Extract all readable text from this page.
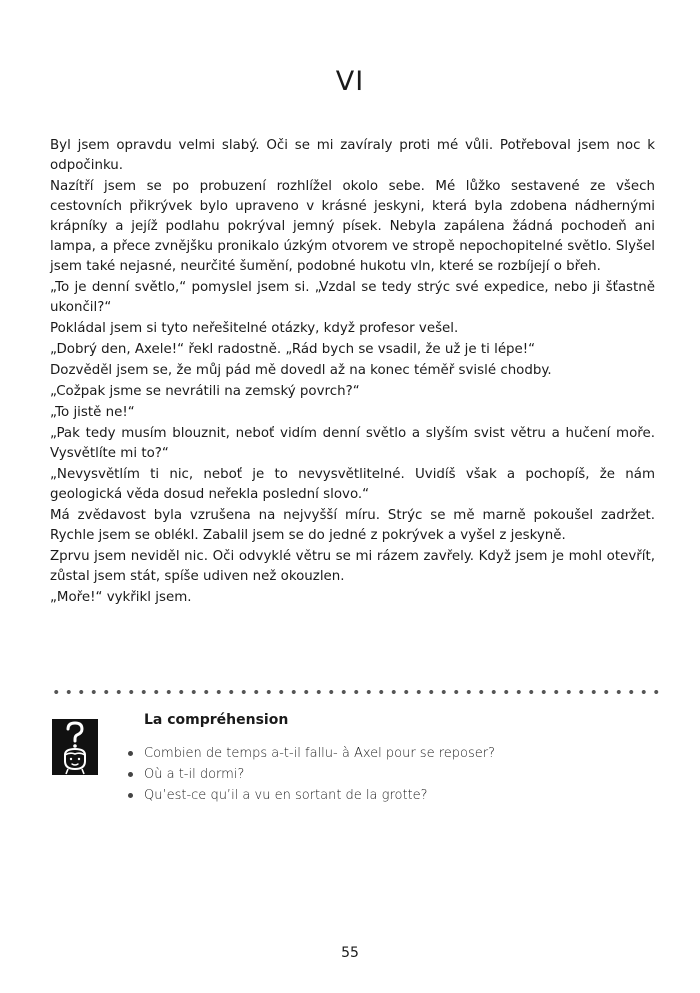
VI

Byl jsem opravdu velmi slabý. Oči se mi zavíraly proti mé vůli. Potřeboval jsem noc k odpočinku.

Nazítří jsem se po probuzení rozhlížel okolo sebe. Mé lůžko sestavené ze všech cestovních přikrývek bylo upraveno v krásné jeskyni, která byla zdobena nádhernými krápníky a jejíž podlahu pokrýval jemný písek. Nebyla zapálena žádná pochodeň ani lampa, a přece zvnějšku pronikalo úzkým otvorem ve stropě nepochopitelné světlo. Slyšel jsem také nejasné, neurčité šumění, podobné hukotu vln, které se rozbíjejí o břeh.

„To je denní světlo,“ pomyslel jsem si. „Vzdal se tedy strýc své expedice, nebo ji šťastně ukončil?“

Pokládal jsem si tyto neřešitelné otázky, když profesor vešel.

„Dobrý den, Axele!“ řekl radostně. „Rád bych se vsadil, že už je ti lépe!“

Dozvěděl jsem se, že můj pád mě dovedl až na konec téměř svislé chodby.

„Cožpak jsme se nevrátili na zemský povrch?“

„To jistě ne!“

„Pak tedy musím blouznit, neboť vidím denní světlo a slyším svist větru a hučení moře. Vysvětlíte mi to?“

„Nevysvětlím ti nic, neboť je to nevysvětlitelné. Uvidíš však a pochopíš, že nám geologická věda dosud neřekla poslední slovo.“

Má zvědavost byla vzrušena na nejvyšší míru. Strýc se mě marně pokoušel zadržet. Rychle jsem se oblékl. Zabalil jsem se do jedné z pokrývek a vyšel z jeskyně.

Zprvu jsem neviděl nic. Oči odvyklé větru se mi rázem zavřely. Když jsem je mohl otevřít, zůstal jsem stát, spíše udiven než okouzlen.

„Moře!“ vykřikl jsem.

La compréhension
Combien de temps a-t-il fallu- à Axel pour se reposer?
Où a t-il dormi?
Qu’est-ce qu’il a vu en sortant de la grotte?
55
